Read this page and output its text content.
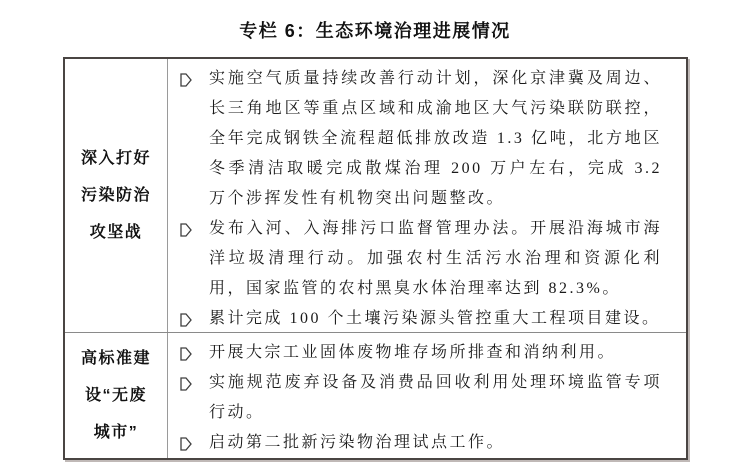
专栏 6：生态环境治理进展情况
深入打好
污染防治
攻坚战
实施空气质量持续改善行动计划，深化京津冀及周边、长三角地区等重点区域和成渝地区大气污染联防联控，全年完成钢铁全流程超低排放改造 1.3 亿吨，北方地区冬季清洁取暖完成散煤治理 200 万户左右，完成 3.2 万个涉挥发性有机物突出问题整改。
发布入河、入海排污口监督管理办法。开展沿海城市海洋垃圾清理行动。加强农村生活污水治理和资源化利用，国家监管的农村黑臭水体治理率达到 82.3%。
累计完成 100 个土壤污染源头管控重大工程项目建设。
高标准建
设“无废
城市”
开展大宗工业固体废物堆存场所排查和消纳利用。
实施规范废弃设备及消费品回收利用处理环境监管专项行动。
启动第二批新污染物治理试点工作。
